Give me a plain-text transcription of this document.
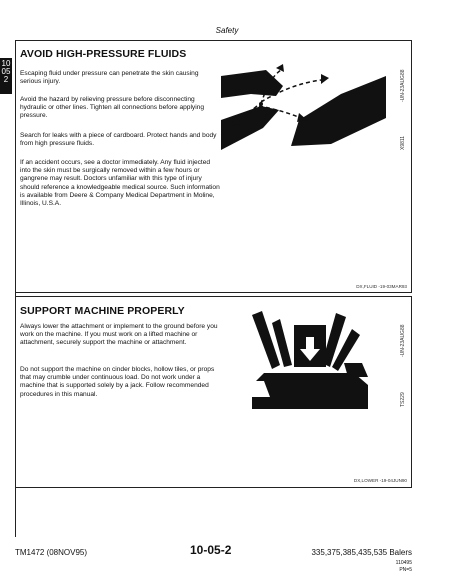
Safety
10
05
2
AVOID HIGH-PRESSURE FLUIDS
Escaping fluid under pressure can penetrate the skin causing serious injury.
Avoid the hazard by relieving pressure before disconnecting hydraulic or other lines. Tighten all connections before applying pressure.
Search for leaks with a piece of cardboard. Protect hands and body from high pressure fluids.
If an accident occurs, see a doctor immediately. Any fluid injected into the skin must be surgically removed within a few hours or gangrene may result. Doctors unfamiliar with this type of injury should reference a knowledgeable medical source. Such information is available from Deere & Company Medical Department in Moline, Illinois, U.S.A.
-UN-23AUG88
X9811
DX,FLUID -19-03MAR93
SUPPORT MACHINE PROPERLY
Always lower the attachment or implement to the ground before you work on the machine. If you must work on a lifted machine or attachment, securely support the machine or attachment.
Do not support the machine on cinder blocks, hollow tiles, or props that may crumble under continuous load. Do not work under a machine that is supported solely by a jack. Follow recommended procedures in this manual.
-UN-23AUG88
TS229
DX,LOWER -19-04JUN90
TM1472 (08NOV95)	10-05-2	335,375,385,435,535 Balers
110495
PN=5
